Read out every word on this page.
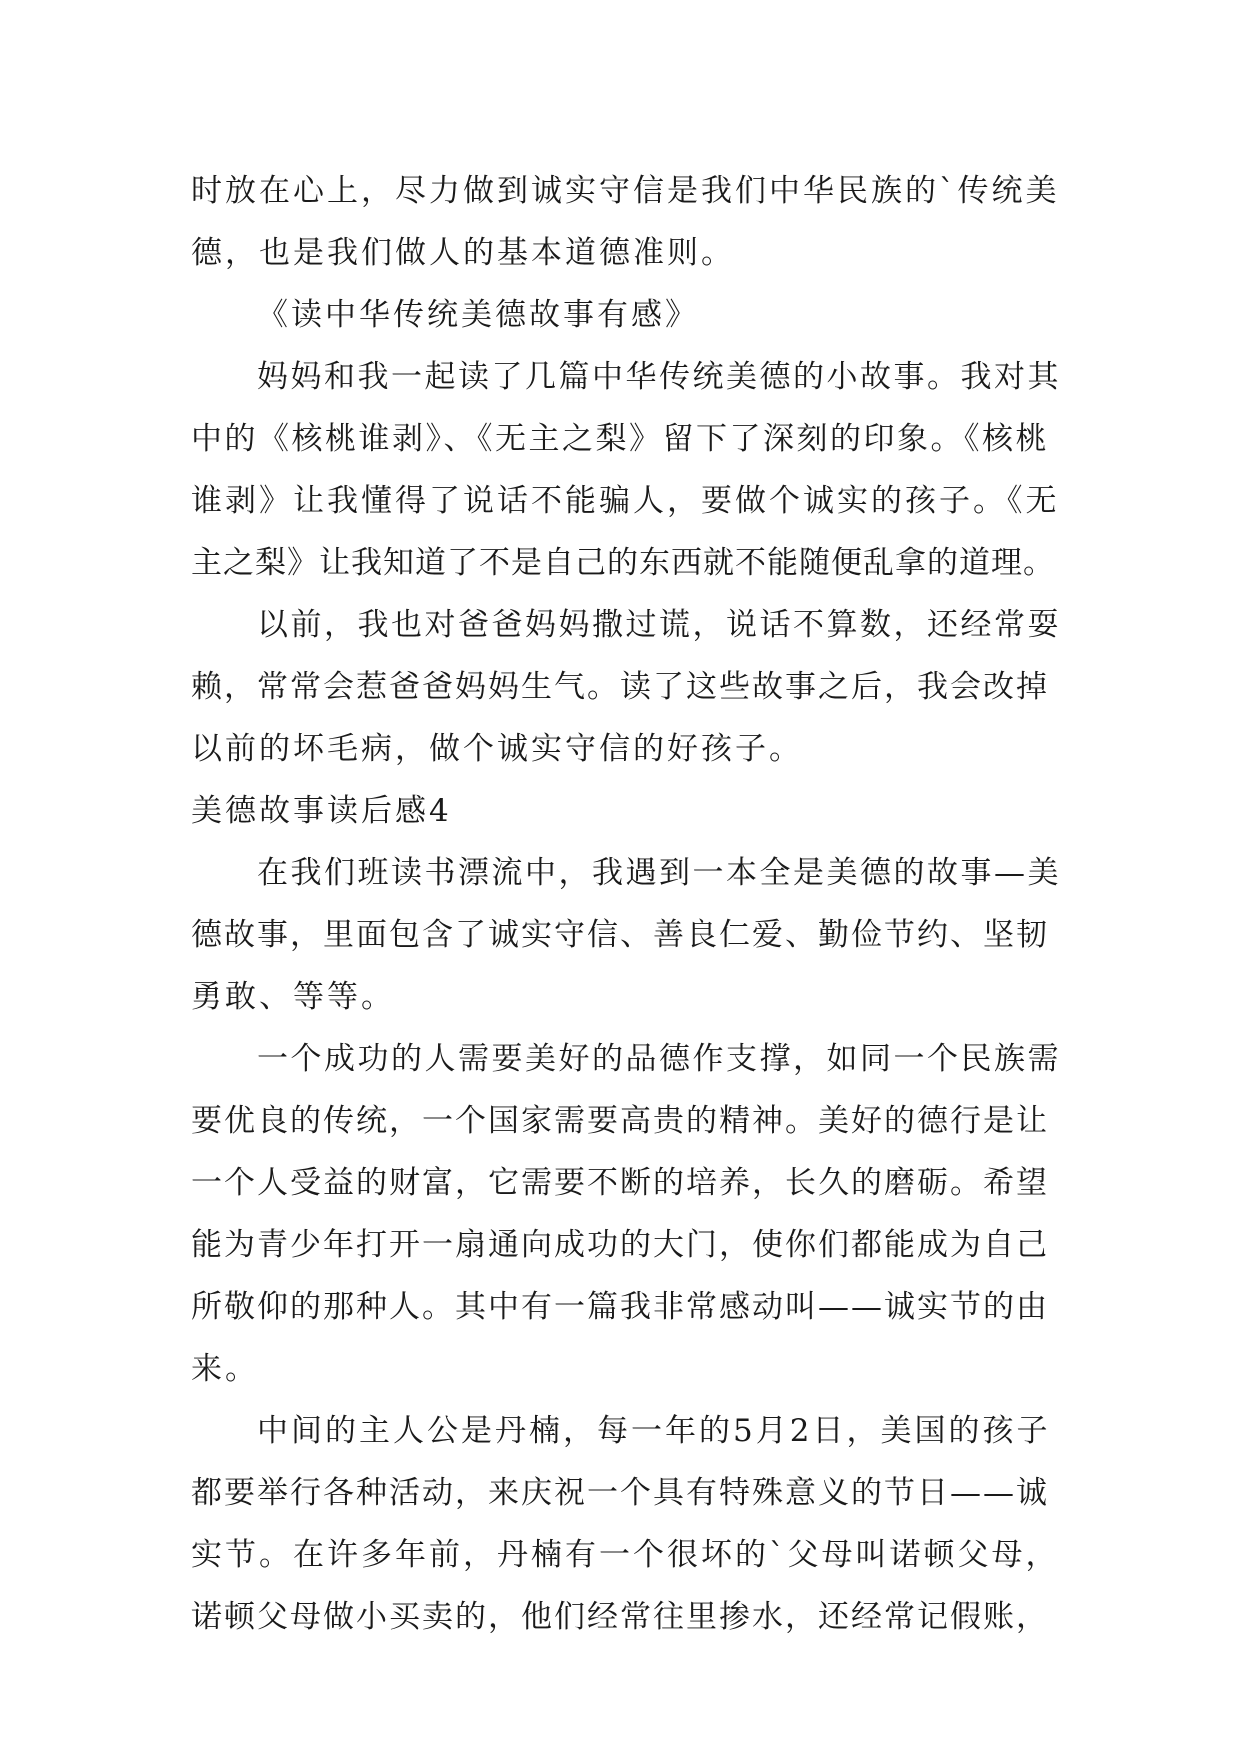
时放在心上，尽力做到诚实守信是我们中华民族的`传统美
德，也是我们做人的基本道德准则。
《读中华传统美德故事有感》
妈妈和我一起读了几篇中华传统美德的小故事。我对其
中的《核桃谁剥》、《无主之梨》留下了深刻的印象。《核桃
谁剥》让我懂得了说话不能骗人，要做个诚实的孩子。《无
主之梨》让我知道了不是自己的东西就不能随便乱拿的道理。
以前，我也对爸爸妈妈撒过谎，说话不算数，还经常耍
赖，常常会惹爸爸妈妈生气。读了这些故事之后，我会改掉
以前的坏毛病，做个诚实守信的好孩子。
美德故事读后感4
在我们班读书漂流中，我遇到一本全是美德的故事—美
德故事，里面包含了诚实守信、善良仁爱、勤俭节约、坚韧
勇敢、等等。
一个成功的人需要美好的品德作支撑，如同一个民族需
要优良的传统，一个国家需要高贵的精神。美好的德行是让
一个人受益的财富，它需要不断的培养，长久的磨砺。希望
能为青少年打开一扇通向成功的大门，使你们都能成为自己
所敬仰的那种人。其中有一篇我非常感动叫——诚实节的由
来。
中间的主人公是丹楠，每一年的5月2日，美国的孩子
都要举行各种活动，来庆祝一个具有特殊意义的节日——诚
实节。在许多年前，丹楠有一个很坏的`父母叫诺顿父母，
诺顿父母做小买卖的，他们经常往里掺水，还经常记假账，
